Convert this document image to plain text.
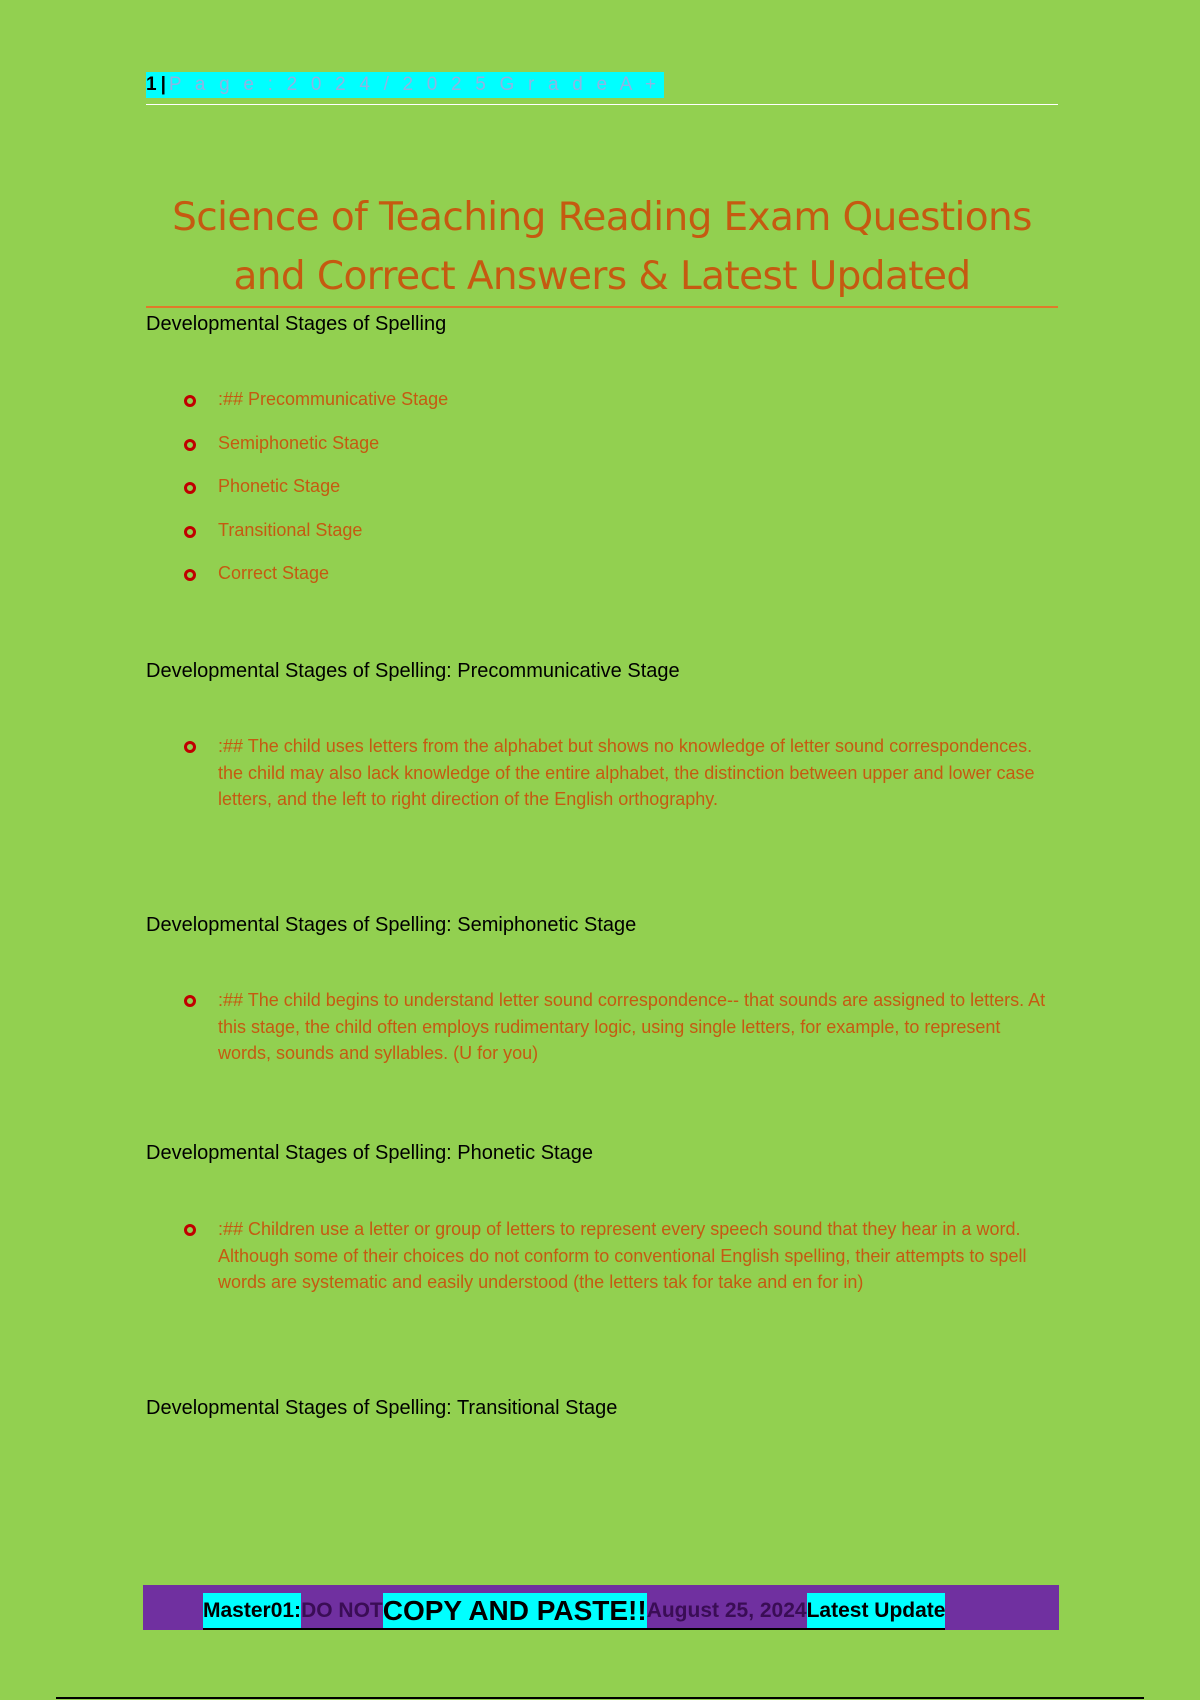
1 | P a g e : 2 0 2 4 / 2 0 2 5 G r a d e A +
Science of Teaching Reading Exam Questions
and Correct Answers & Latest Updated
Developmental Stages of Spelling
:## Precommunicative Stage
Semiphonetic Stage
Phonetic Stage
Transitional Stage
Correct Stage
Developmental Stages of Spelling: Precommunicative Stage
:## The child uses letters from the alphabet but shows no knowledge of letter sound correspondences. the child may also lack knowledge of the entire alphabet, the distinction between upper and lower case letters, and the left to right direction of the English orthography.
Developmental Stages of Spelling: Semiphonetic Stage
:## The child begins to understand letter sound correspondence-- that sounds are assigned to letters. At this stage, the child often employs rudimentary logic, using single letters, for example, to represent words, sounds and syllables. (U for you)
Developmental Stages of Spelling: Phonetic Stage
:## Children use a letter or group of letters to represent every speech sound that they hear in a word. Although some of their choices do not conform to conventional English spelling, their attempts to spell words are systematic and easily understood (the letters tak for take and en for in)
Developmental Stages of Spelling: Transitional Stage
Master01:DO NOTCOPY AND PASTE!!August 25, 2024Latest Update
